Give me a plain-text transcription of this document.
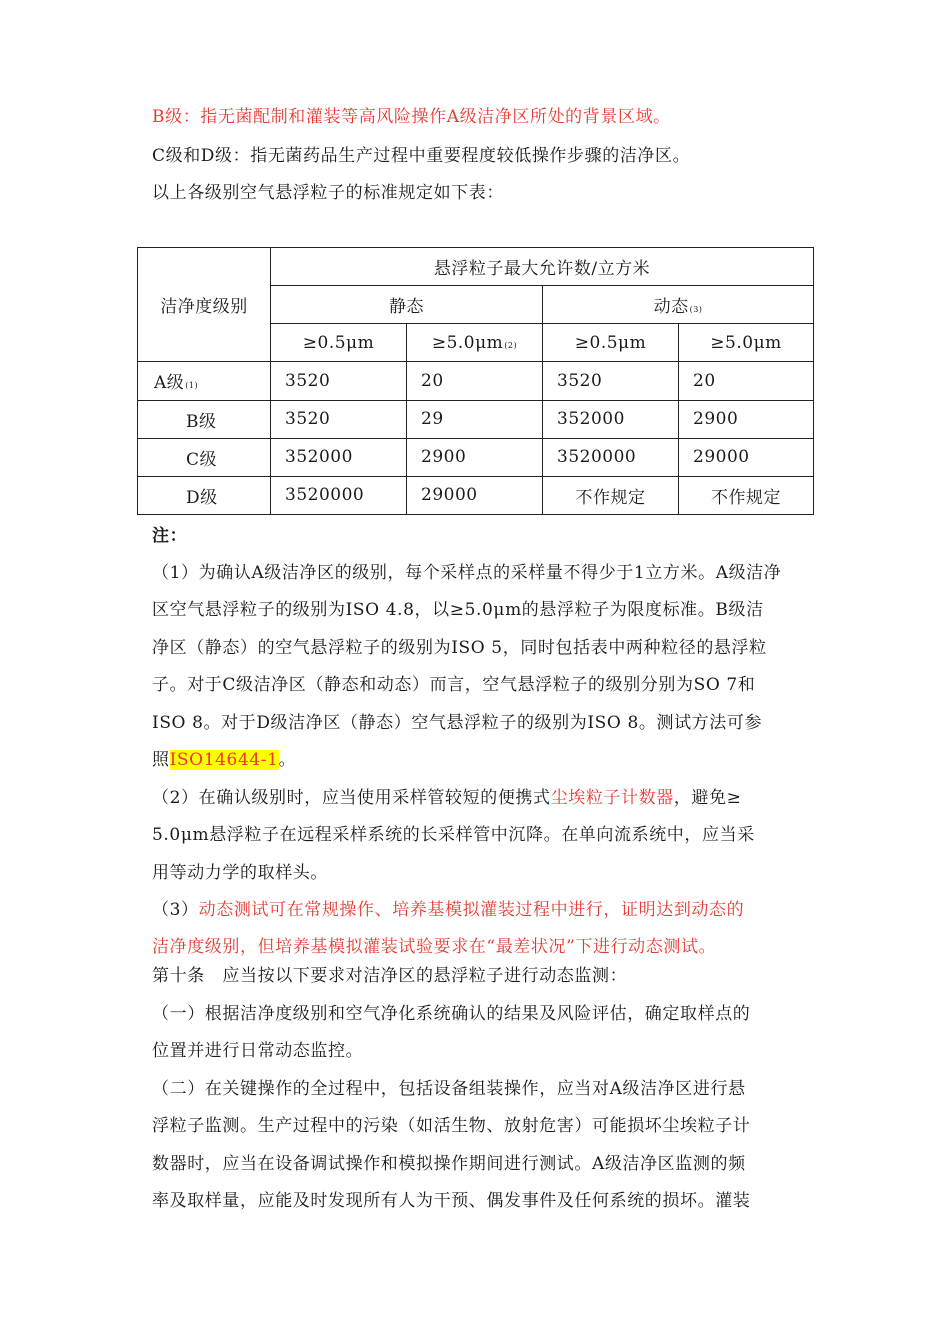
B级：指无菌配制和灌装等高风险操作A级洁净区所处的背景区域。

C级和D级：指无菌药品生产过程中重要程度较低操作步骤的洁净区。

以上各级别空气悬浮粒子的标准规定如下表：

洁净度级别	悬浮粒子最大允许数/立方米			
	静态		动态(3)	
	≥0.5μm	≥5.0μm(2)	≥0.5μm	≥5.0μm
A级(1)	3520	20	3520	20
B级	3520	29	352000	2900
C级	352000	2900	3520000	29000
D级	3520000	29000	不作规定	不作规定

注：

（1）为确认A级洁净区的级别，每个采样点的采样量不得少于1立方米。A级洁净

区空气悬浮粒子的级别为ISO 4.8，以≥5.0μm的悬浮粒子为限度标准。B级洁

净区（静态）的空气悬浮粒子的级别为ISO 5，同时包括表中两种粒径的悬浮粒

子。对于C级洁净区（静态和动态）而言，空气悬浮粒子的级别分别为SO 7和

ISO 8。对于D级洁净区（静态）空气悬浮粒子的级别为ISO 8。测试方法可参

照ISO14644-1。

（2）在确认级别时，应当使用采样管较短的便携式尘埃粒子计数器，避免≥

5.0μm悬浮粒子在远程采样系统的长采样管中沉降。在单向流系统中，应当采

用等动力学的取样头。

（3）动态测试可在常规操作、培养基模拟灌装过程中进行，证明达到动态的

洁净度级别，但培养基模拟灌装试验要求在“最差状况”下进行动态测试。

第十条　应当按以下要求对洁净区的悬浮粒子进行动态监测：

（一）根据洁净度级别和空气净化系统确认的结果及风险评估，确定取样点的

位置并进行日常动态监控。

（二）在关键操作的全过程中，包括设备组装操作，应当对A级洁净区进行悬

浮粒子监测。生产过程中的污染（如活生物、放射危害）可能损坏尘埃粒子计

数器时，应当在设备调试操作和模拟操作期间进行测试。A级洁净区监测的频

率及取样量，应能及时发现所有人为干预、偶发事件及任何系统的损坏。灌装
